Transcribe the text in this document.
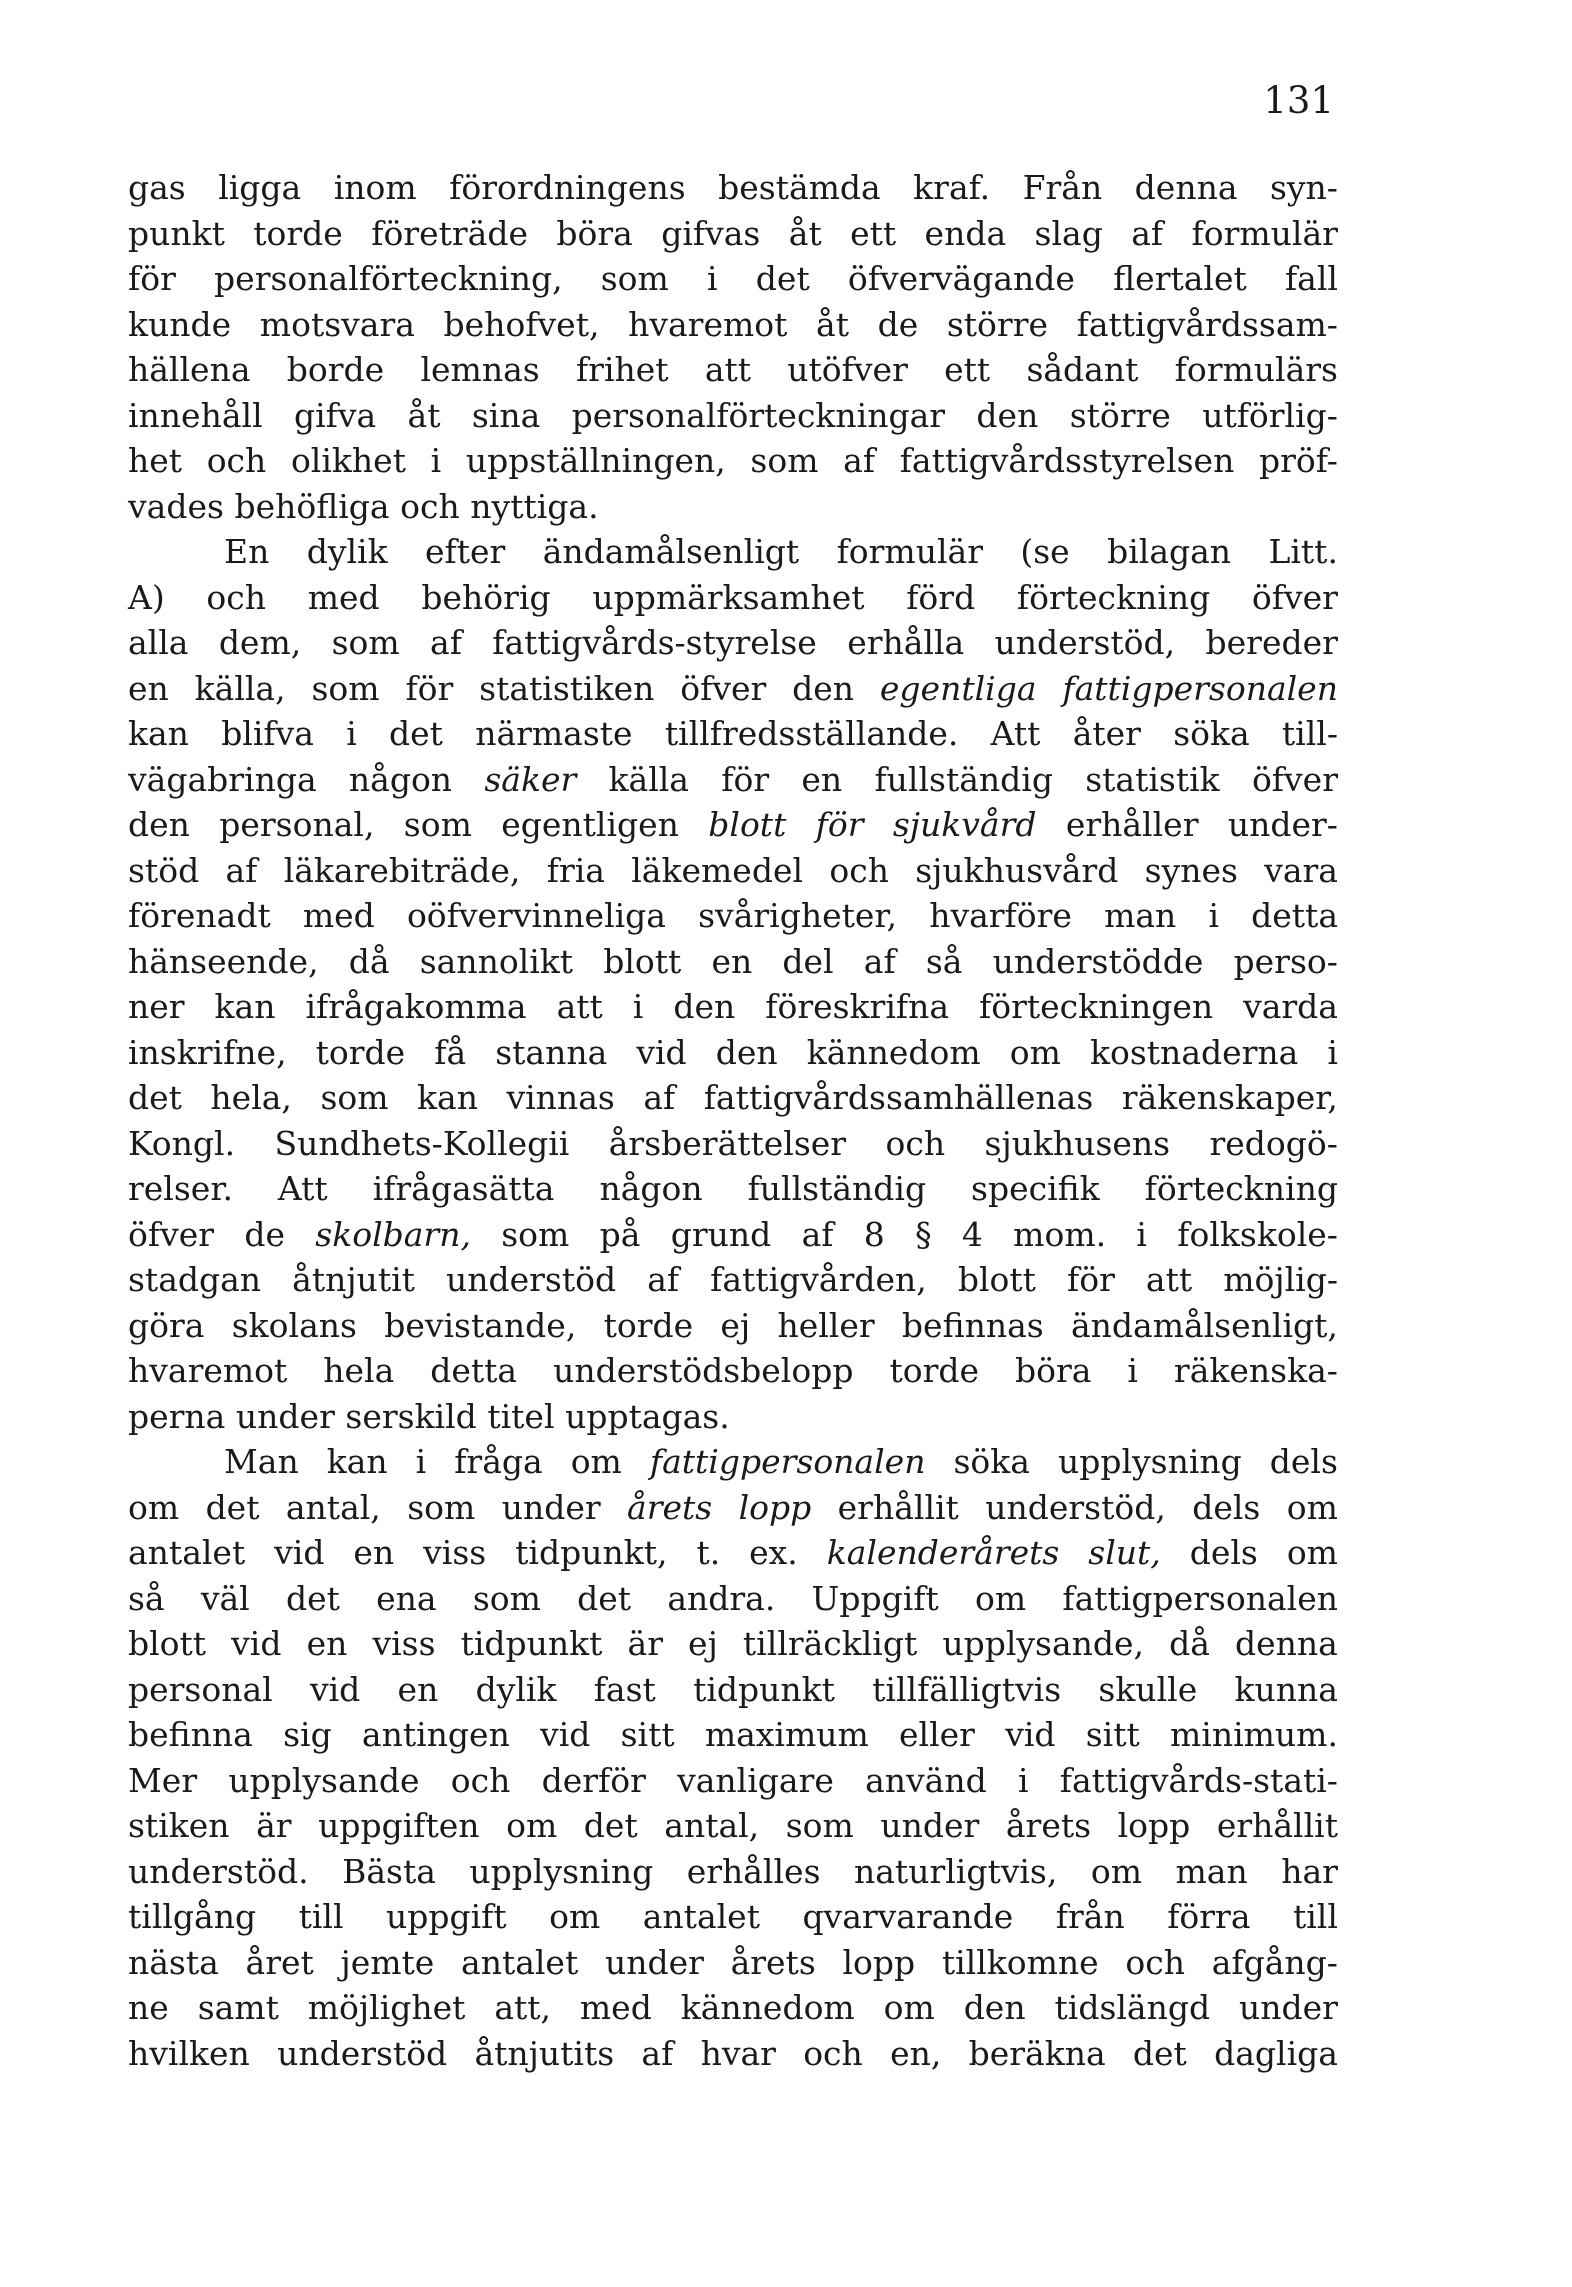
131
gas ligga inom förordningens bestämda kraf. Från denna syn-
punkt torde företräde böra gifvas åt ett enda slag af formulär
för personalförteckning, som i det öfvervägande flertalet fall
kunde motsvara behofvet, hvaremot åt de större fattigvårdssam-
hällena borde lemnas frihet att utöfver ett sådant formulärs
innehåll gifva åt sina personalförteckningar den större utförlig-
het och olikhet i uppställningen, som af fattigvårdsstyrelsen pröf-
vades behöfliga och nyttiga.
En dylik efter ändamålsenligt formulär (se bilagan Litt.
A) och med behörig uppmärksamhet förd förteckning öfver
alla dem, som af fattigvårds-styrelse erhålla understöd, bereder
en källa, som för statistiken öfver den egentliga fattigpersonalen
kan blifva i det närmaste tillfredsställande. Att åter söka till-
vägabringa någon säker källa för en fullständig statistik öfver
den personal, som egentligen blott för sjukvård erhåller under-
stöd af läkarebiträde, fria läkemedel och sjukhusvård synes vara
förenadt med oöfvervinneliga svårigheter, hvarföre man i detta
hänseende, då sannolikt blott en del af så understödde perso-
ner kan ifrågakomma att i den föreskrifna förteckningen varda
inskrifne, torde få stanna vid den kännedom om kostnaderna i
det hela, som kan vinnas af fattigvårdssamhällenas räkenskaper,
Kongl. Sundhets-Kollegii årsberättelser och sjukhusens redogö-
relser. Att ifrågasätta någon fullständig specifik förteckning
öfver de skolbarn, som på grund af 8 § 4 mom. i folkskole-
stadgan åtnjutit understöd af fattigvården, blott för att möjlig-
göra skolans bevistande, torde ej heller befinnas ändamålsenligt,
hvaremot hela detta understödsbelopp torde böra i räkenska-
perna under serskild titel upptagas.
Man kan i fråga om fattigpersonalen söka upplysning dels
om det antal, som under årets lopp erhållit understöd, dels om
antalet vid en viss tidpunkt, t. ex. kalenderårets slut, dels om
så väl det ena som det andra. Uppgift om fattigpersonalen
blott vid en viss tidpunkt är ej tillräckligt upplysande, då denna
personal vid en dylik fast tidpunkt tillfälligtvis skulle kunna
befinna sig antingen vid sitt maximum eller vid sitt minimum.
Mer upplysande och derför vanligare använd i fattigvårds-stati-
stiken är uppgiften om det antal, som under årets lopp erhållit
understöd. Bästa upplysning erhålles naturligtvis, om man har
tillgång till uppgift om antalet qvarvarande från förra till
nästa året jemte antalet under årets lopp tillkomne och afgång-
ne samt möjlighet att, med kännedom om den tidslängd under
hvilken understöd åtnjutits af hvar och en, beräkna det dagliga
